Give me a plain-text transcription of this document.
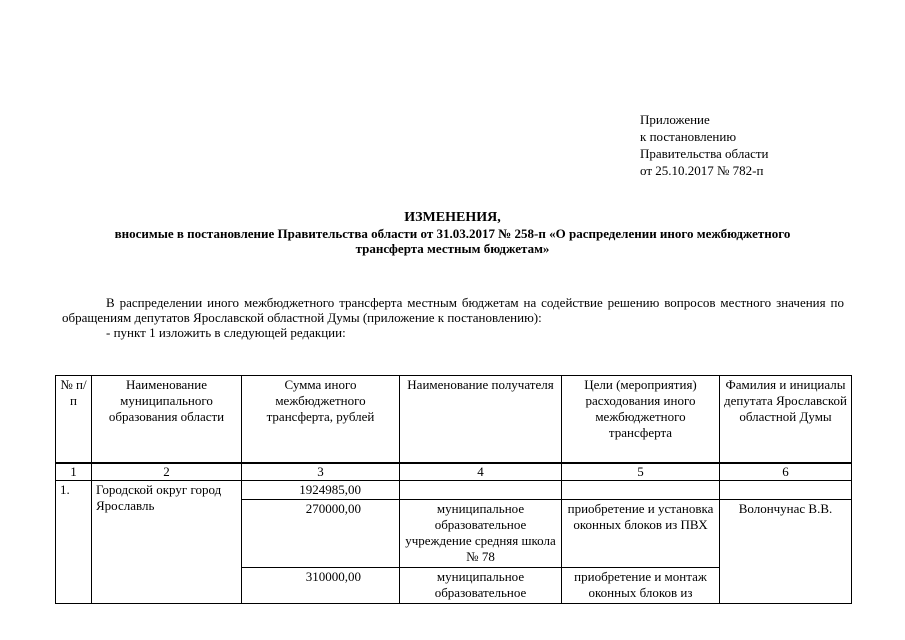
Приложение
к постановлению
Правительства области
от 25.10.2017 № 782-п
ИЗМЕНЕНИЯ,
вносимые в постановление Правительства области от 31.03.2017 № 258-п «О распределении иного межбюджетного
трансферта местным бюджетам»

В распределении иного межбюджетного трансферта местным бюджетам на содействие решению вопросов местного значения по обращениям депутатов Ярославской областной Думы (приложение к постановлению):

- пункт 1 изложить в следующей редакции:

№ п/п	Наименование муниципального образования области	Сумма иного межбюджетного трансферта, рублей	Наименование получателя	Цели (мероприятия) расходования иного межбюджетного трансферта	Фамилия и инициалы депутата Ярославской областной Думы
1	2	3	4	5	6
1.	Городской округ город Ярославль	1924985,00			
		270000,00	муниципальное образовательное учреждение средняя школа № 78	приобретение и установка оконных блоков из ПВХ	Волончунас В.В.
		310000,00	муниципальное образовательное	приобретение и монтаж оконных блоков из	
